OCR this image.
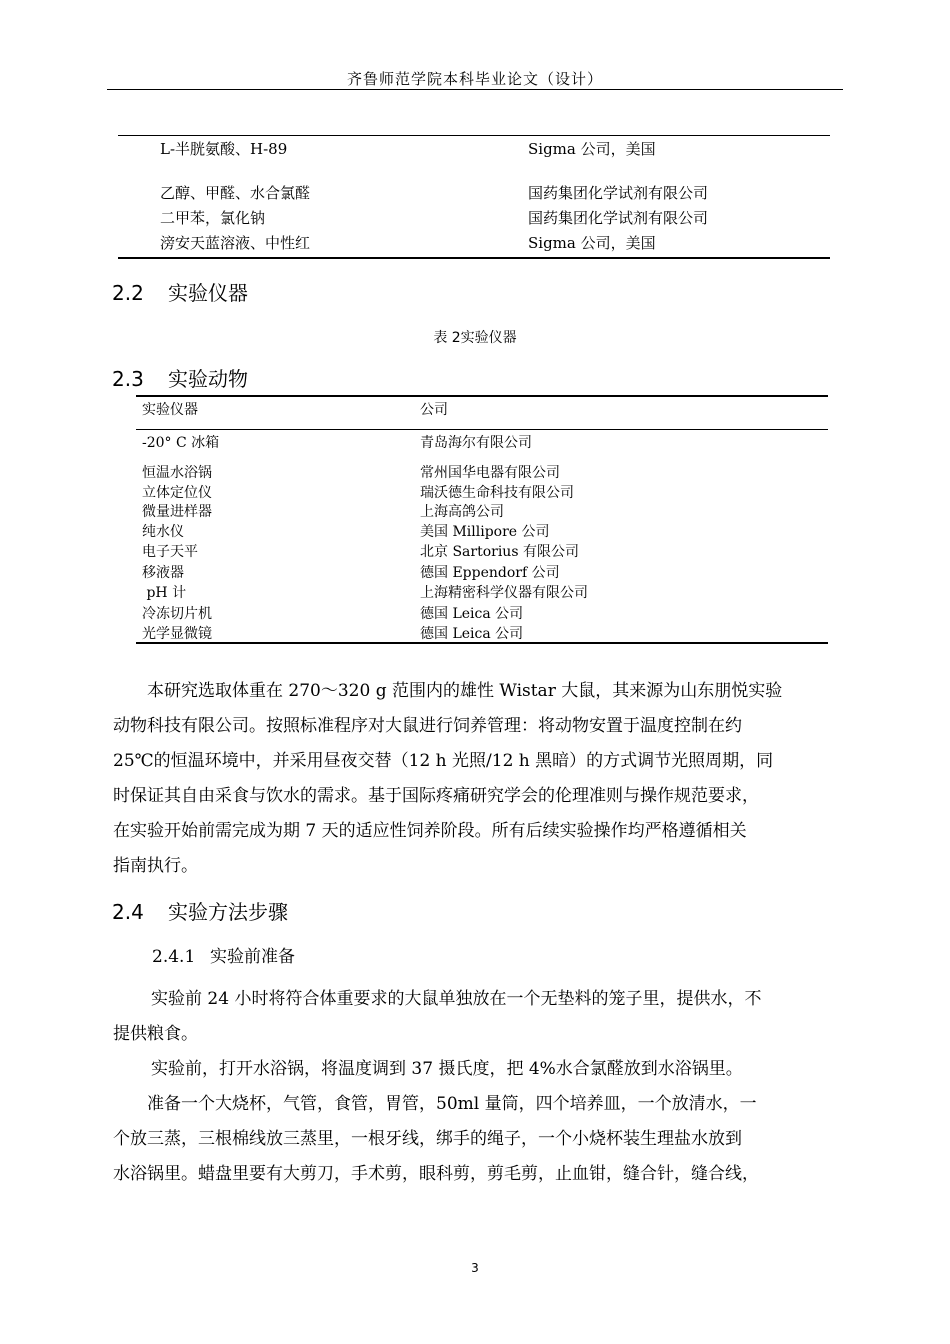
齐鲁师范学院本科毕业论文（设计）
L-半胱氨酸、H-89	Sigma 公司，美国
乙醇、甲醛、水合氯醛	国药集团化学试剂有限公司
二甲苯，氯化钠	国药集团化学试剂有限公司
滂安天蓝溶液、中性红	Sigma 公司，美国
2.2 实验仪器
表 2实验仪器
2.3 实验动物
实验仪器	公司
-20° C 冰箱	青岛海尔有限公司
恒温水浴锅	常州国华电器有限公司
立体定位仪	瑞沃德生命科技有限公司
微量进样器	上海高鸽公司
纯水仪	美国 Millipore 公司
电子天平	北京 Sartorius 有限公司
移液器	德国 Eppendorf 公司
pH 计	上海精密科学仪器有限公司
冷冻切片机	德国 Leica 公司
光学显微镜	德国 Leica 公司

本研究选取体重在 270～320 g 范围内的雄性 Wistar 大鼠，其来源为山东朋悦实验

动物科技有限公司。按照标准程序对大鼠进行饲养管理：将动物安置于温度控制在约

25℃的恒温环境中，并采用昼夜交替（12 h 光照/12 h 黑暗）的方式调节光照周期，同

时保证其自由采食与饮水的需求。基于国际疼痛研究学会的伦理准则与操作规范要求，

在实验开始前需完成为期 7 天的适应性饲养阶段。所有后续实验操作均严格遵循相关

指南执行。

2.4 实验方法步骤
2.4.1 实验前准备

实验前 24 小时将符合体重要求的大鼠单独放在一个无垫料的笼子里，提供水，不

提供粮食。

实验前，打开水浴锅，将温度调到 37 摄氏度，把 4%水合氯醛放到水浴锅里。

准备一个大烧杯，气管，食管，胃管，50ml 量筒，四个培养皿，一个放清水，一

个放三蒸，三根棉线放三蒸里，一根牙线，绑手的绳子，一个小烧杯装生理盐水放到

水浴锅里。蜡盘里要有大剪刀，手术剪，眼科剪，剪毛剪，止血钳，缝合针，缝合线，

3
